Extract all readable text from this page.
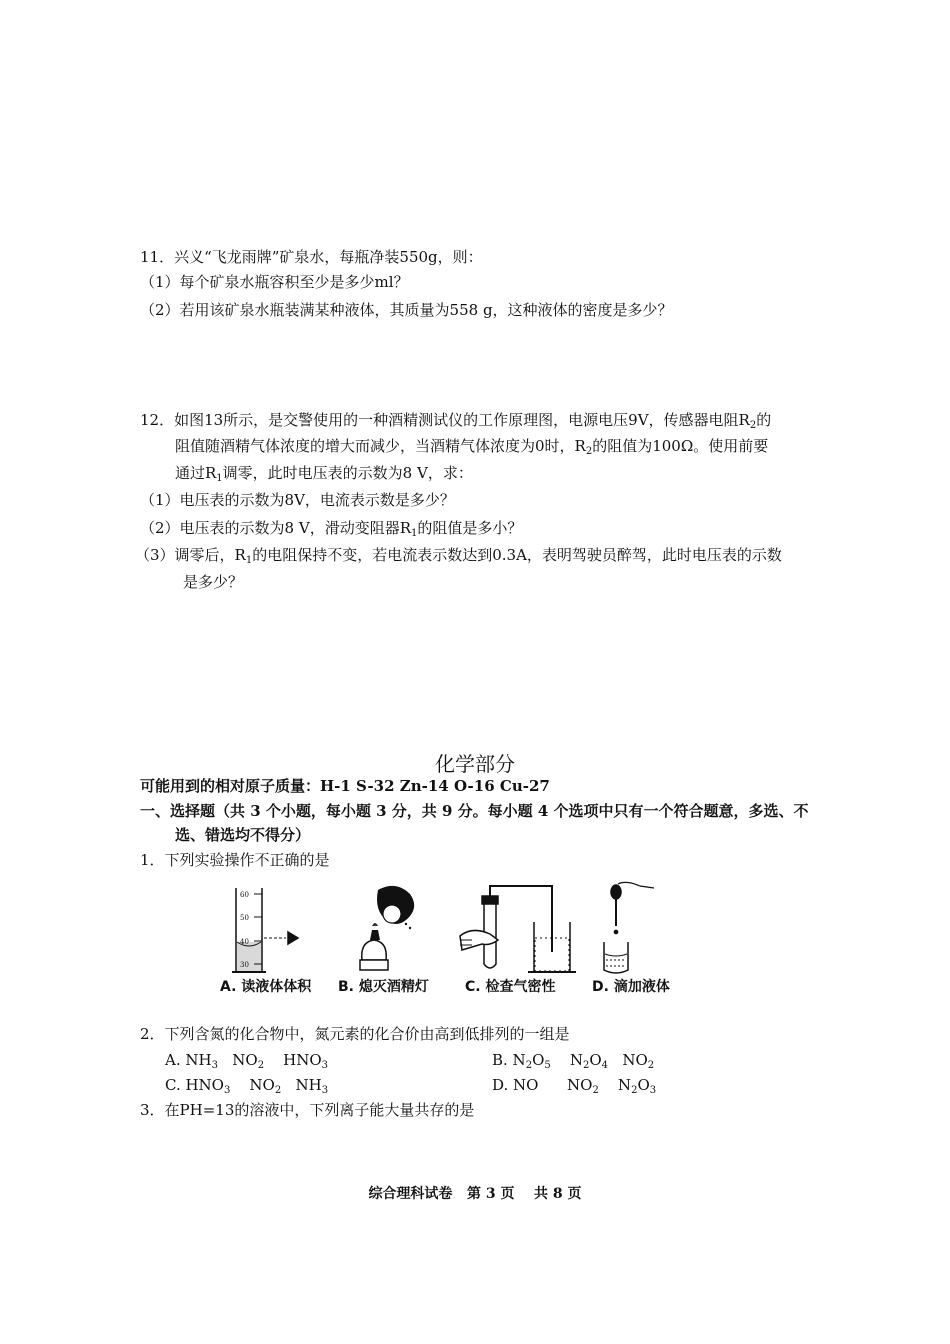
11．兴义“飞龙雨牌”矿泉水，每瓶净装550g，则：
（1）每个矿泉水瓶容积至少是多少ml？
（2）若用该矿泉水瓶装满某种液体，其质量为558 g，这种液体的密度是多少？
12．如图13所示，是交警使用的一种酒精测试仪的工作原理图，电源电压9V，传感器电阻$R_2$的
阻值随酒精气体浓度的增大而减少，当酒精气体浓度为0时，$R_2$的阻值为100Ω。使用前要
通过$R_1$调零，此时电压表的示数为8 V，求：
（1）电压表的示数为8V，电流表示数是多少？
（2）电压表的示数为8 V，滑动变阻器$R_1$的阻值是多小？
（3）调零后，$R_1$的电阻保持不变，若电流表示数达到0.3A，表明驾驶员醉驾，此时电压表的示数
是多少？
化学部分
可能用到的相对原子质量：H-1 S-32 Zn-14 O-16 Cu-27
一、选择题（共 3 个小题，每小题 3 分，共 9 分。每小题 4 个选项中只有一个符合题意，多选、不
选、错选均不得分）
1．下列实验操作不正确的是
60
50
40
30
A. 读液体体积 B. 熄灭酒精灯	C. 检查气密性	D. 滴加液体
2．下列含氮的化合物中，氮元素的化合价由高到低排列的一组是
A. $NH_3$   $NO_2$    $HNO_3$	B. $N_2O_5$    $N_2O_4$   $NO_2$
C. $HNO_3$    $NO_2$   $NH_3$	D. NO      $NO_2$    $N_2O_3$
3．在PH=13的溶液中，下列离子能大量共存的是
综合理科试卷   第 3 页    共 8 页
